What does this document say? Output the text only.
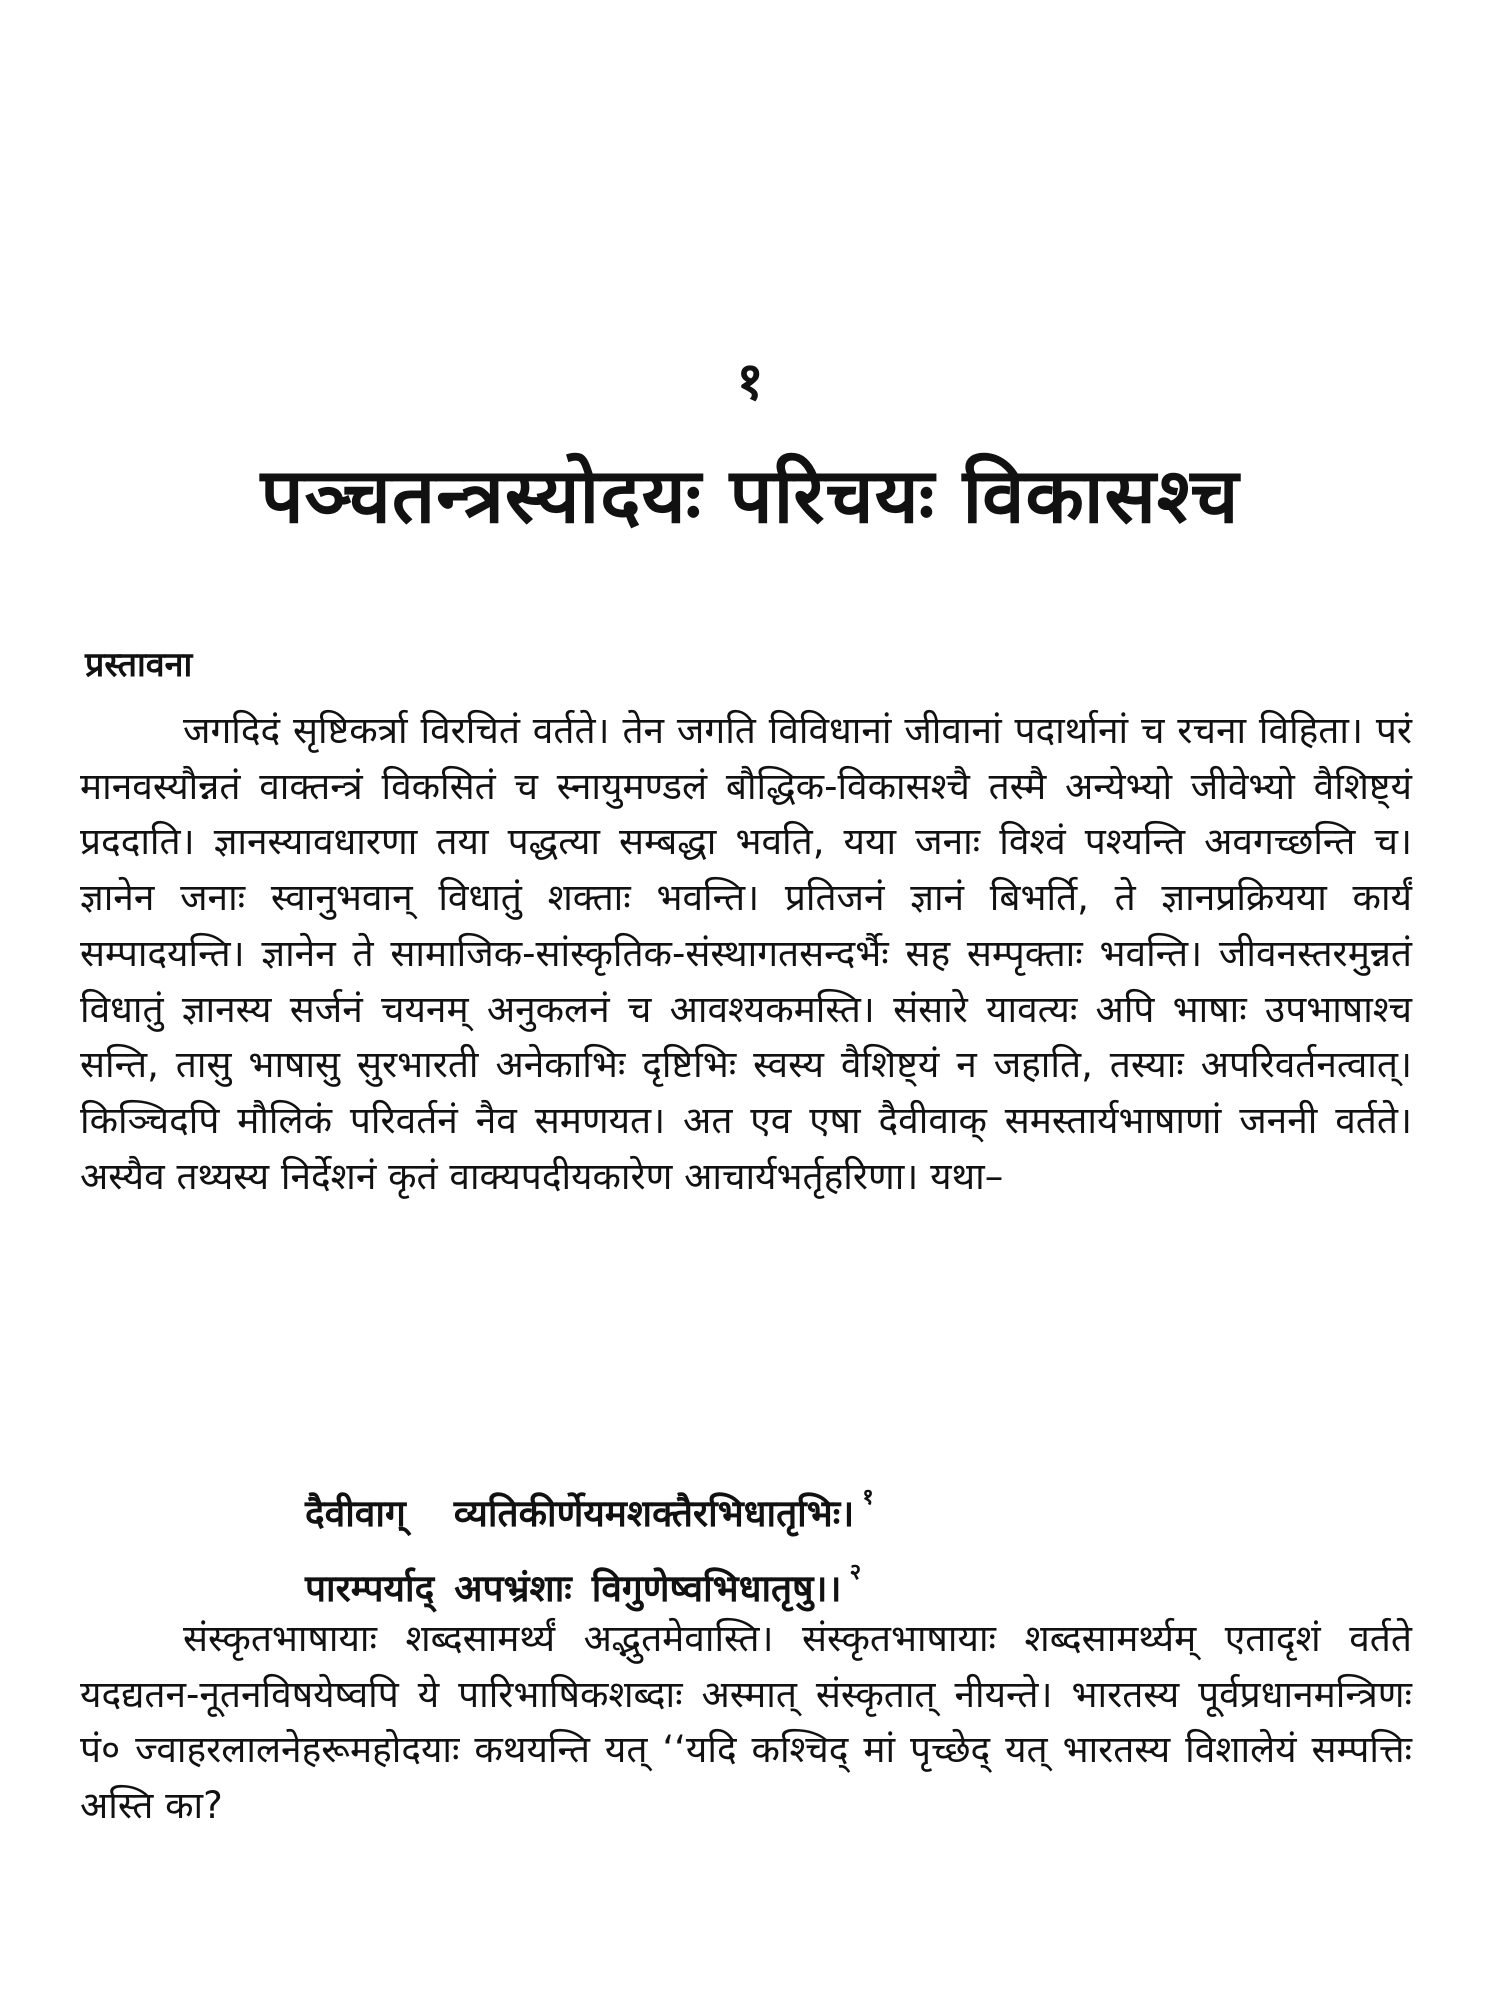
१
पञ्चतन्त्रस्योदयः परिचयः विकासश्च
प्रस्तावना

जगदिदं सृष्टिकर्त्रा विरचितं वर्तते। तेन जगति विविधानां जीवानां पदार्थानां च रचना विहिता। परं मानवस्यौन्नतं वाक्तन्त्रं विकसितं च स्नायुमण्डलं बौद्धिक-विकासश्चै तस्मै अन्येभ्यो जीवेभ्यो वैशिष्ट्यं प्रददाति। ज्ञानस्यावधारणा तया पद्धत्या सम्बद्धा भवति, यया जनाः विश्वं पश्यन्ति अवगच्छन्ति च। ज्ञानेन जनाः स्वानुभवान् विधातुं शक्ताः भवन्ति। प्रतिजनं ज्ञानं बिभर्ति, ते ज्ञानप्रक्रियया कार्यं सम्पादयन्ति। ज्ञानेन ते सामाजिक-सांस्कृतिक-संस्थागतसन्दर्भैः सह सम्पृक्ताः भवन्ति। जीवनस्तरमुन्नतं विधातुं ज्ञानस्य सर्जनं चयनम् अनुकलनं च आवश्यकमस्ति। संसारे यावत्यः अपि भाषाः उपभाषाश्च सन्ति, तासु भाषासु सुरभारती अनेकाभिः दृष्टिभिः स्वस्य वैशिष्ट्यं न जहाति, तस्याः अपरिवर्तनत्वात्। किञ्चिदपि मौलिकं परिवर्तनं नैव समणयत। अत एव एषा दैवीवाक् समस्तार्यभाषाणां जननी वर्तते। अस्यैव तथ्यस्य निर्देशनं कृतं वाक्यपदीयकारेण आचार्यभर्तृहरिणा। यथा–

दैवीवाग् व्यतिकीर्णेयमशक्तैरभिधातृभिः। $^१$
पारम्पर्याद् अपभ्रंशाः विगुणेष्वभिधातृषु।। $^२$

संस्कृतभाषायाः शब्दसामर्थ्यं अद्भुतमेवास्ति। संस्कृतभाषायाः शब्दसामर्थ्यम् एतादृशं वर्तते यदद्यतन-नूतनविषयेष्वपि ये पारिभाषिकशब्दाः अस्मात् संस्कृतात् नीयन्ते। भारतस्य पूर्वप्रधानमन्त्रिणः पं० ज्वाहरलालनेहरूमहोदयाः कथयन्ति यत् ‘‘यदि कश्चिद् मां पृच्छेद् यत् भारतस्य विशालेयं सम्पत्तिः अस्ति का?
